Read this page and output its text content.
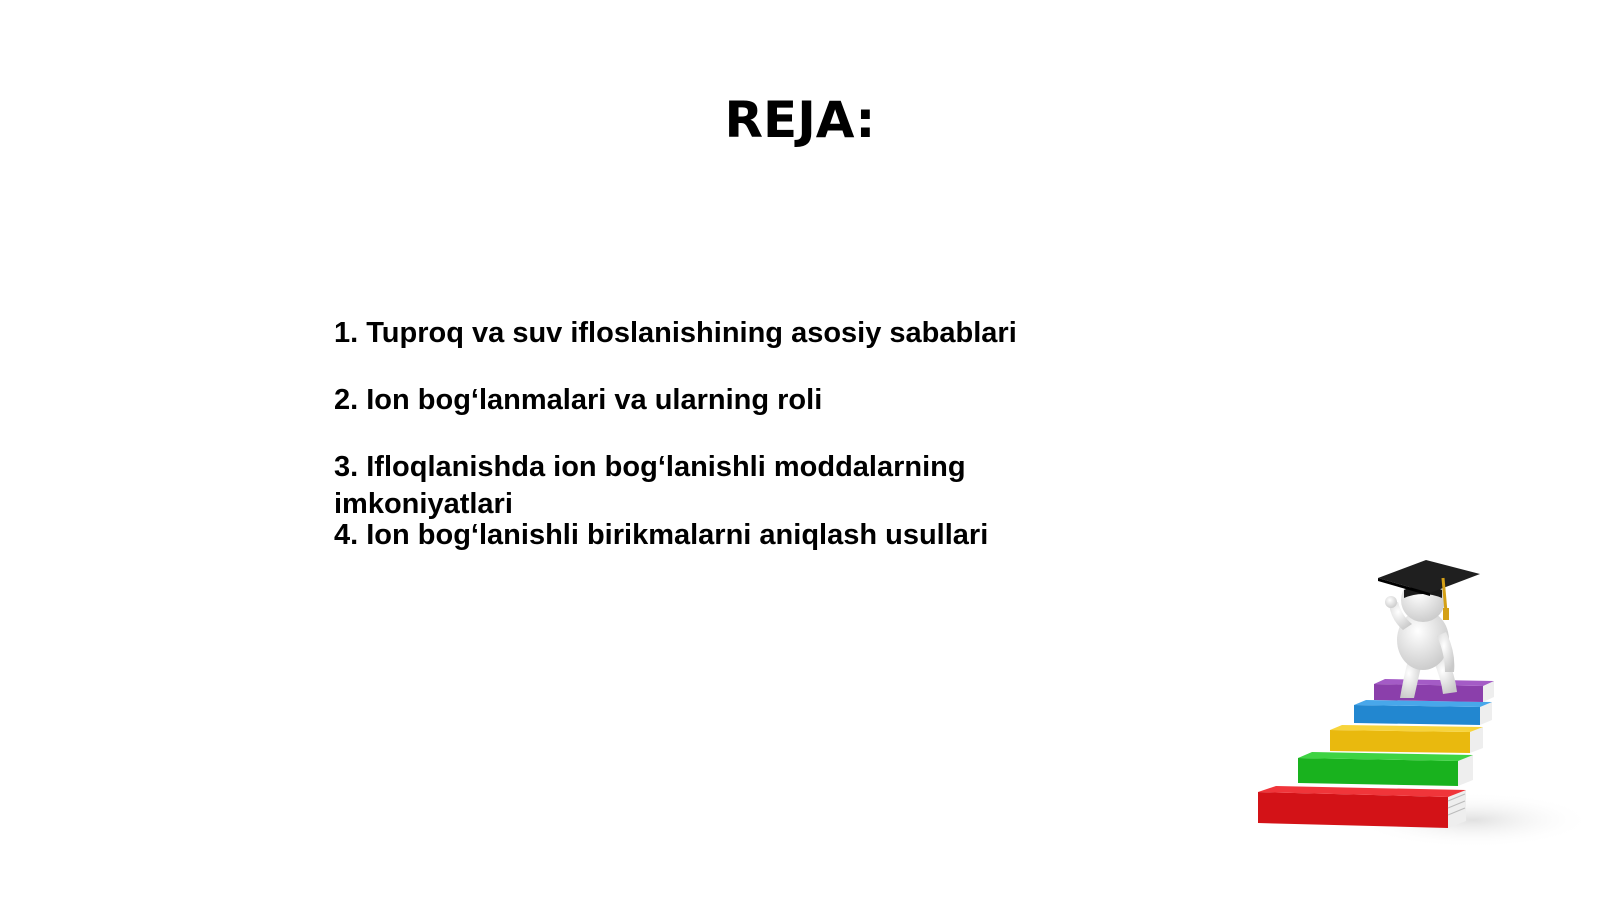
REJA:
1. Tuproq va suv ifloslanishining asosiy sabablari
2. Ion bog‘lanmalari va ularning roli
3. Ifloqlanishda ion bog‘lanishli moddalarning imkoniyatlari
4. Ion bog‘lanishli birikmalarni aniqlash usullari
